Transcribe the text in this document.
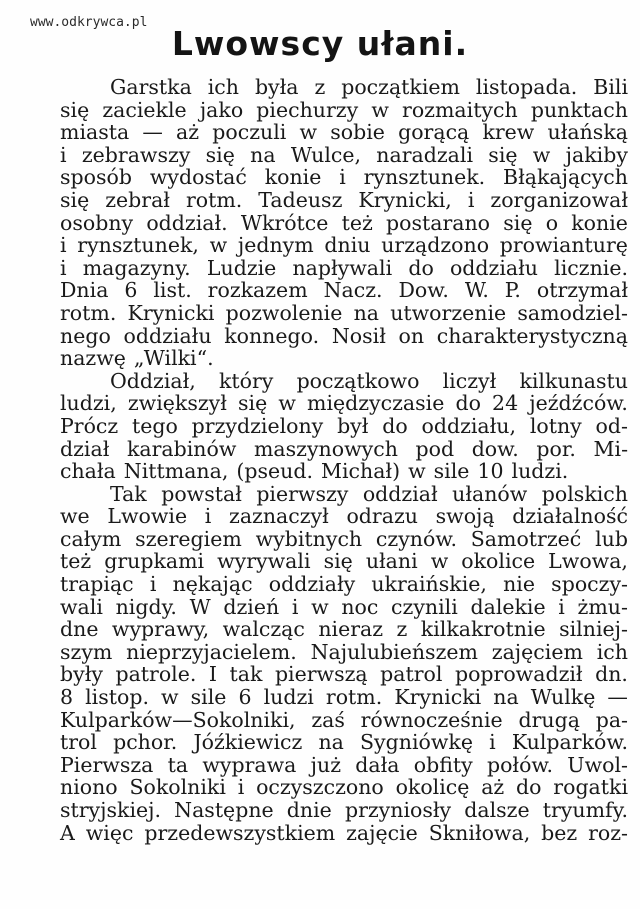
www.odkrywca.pl
Lwowscy ułani.
Garstka ich była z początkiem listopada. Bili
się zaciekle jako piechurzy w rozmaitych punktach
miasta — aż poczuli w sobie gorącą krew ułańską
i zebrawszy się na Wulce, naradzali się w jakiby
sposób wydostać konie i rynsztunek. Błąkających
się zebrał rotm. Tadeusz Krynicki, i zorganizował
osobny oddział. Wkrótce też postarano się o konie
i rynsztunek, w jednym dniu urządzono prowianturę
i magazyny. Ludzie napływali do oddziału licznie.
Dnia 6 list. rozkazem Nacz. Dow. W. P. otrzymał
rotm. Krynicki pozwolenie na utworzenie samodziel-
nego oddziału konnego. Nosił on charakterystyczną
nazwę „Wilki“.
Oddział, który początkowo liczył kilkunastu
ludzi, zwiększył się w międzyczasie do 24 jeźdźców.
Prócz tego przydzielony był do oddziału, lotny od-
dział karabinów maszynowych pod dow. por. Mi-
chała Nittmana, (pseud. Michał) w sile 10 ludzi.
Tak powstał pierwszy oddział ułanów polskich
we Lwowie i zaznaczył odrazu swoją działalność
całym szeregiem wybitnych czynów. Samotrzeć lub
też grupkami wyrywali się ułani w okolice Lwowa,
trapiąc i nękając oddziały ukraińskie, nie spoczy-
wali nigdy. W dzień i w noc czynili dalekie i żmu-
dne wyprawy, walcząc nieraz z kilkakrotnie silniej-
szym nieprzyjacielem. Najulubieńszem zajęciem ich
były patrole. I tak pierwszą patrol poprowadził dn.
8 listop. w sile 6 ludzi rotm. Krynicki na Wulkę —
Kulparków—Sokolniki, zaś równocześnie drugą pa-
trol pchor. Jóźkiewicz na Sygniówkę i Kulparków.
Pierwsza ta wyprawa już dała obfity połów. Uwol-
niono Sokolniki i oczyszczono okolicę aż do rogatki
stryjskiej. Następne dnie przyniosły dalsze tryumfy.
A więc przedewszystkiem zajęcie Skniłowa, bez roz-
